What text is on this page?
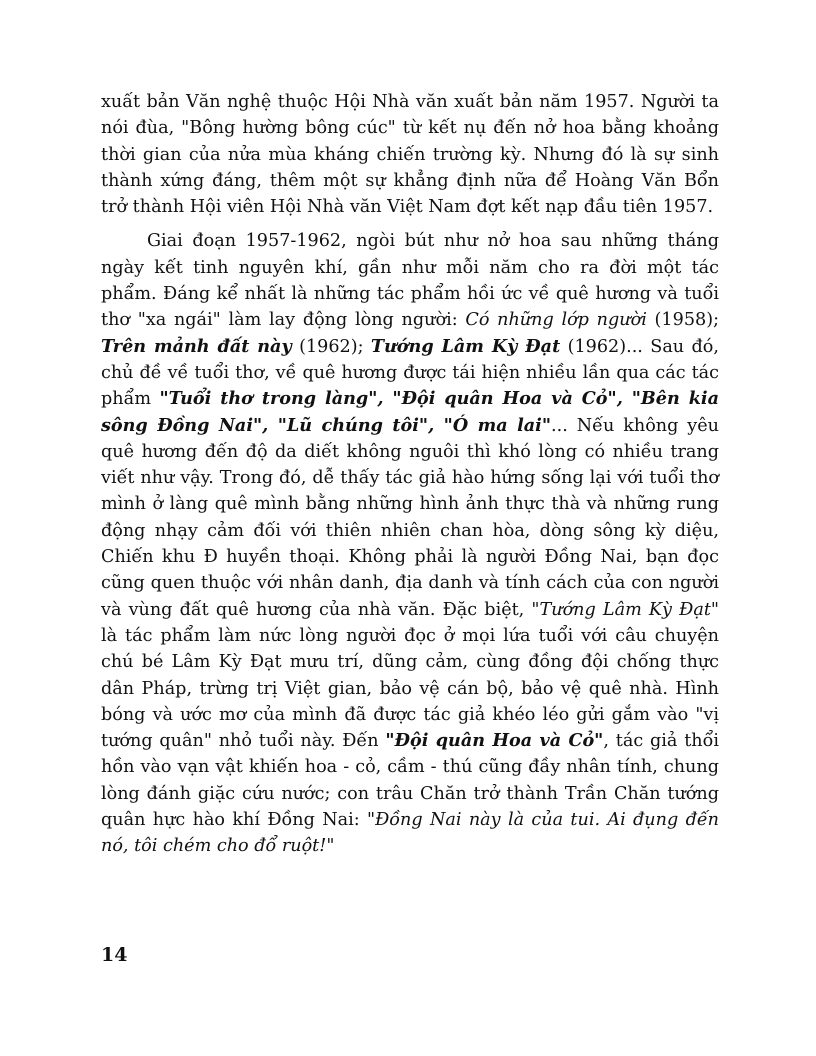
xuất bản Văn nghệ thuộc Hội Nhà văn xuất bản năm 1957. Người ta nói đùa, "Bông hường bông cúc" từ kết nụ đến nở hoa bằng khoảng thời gian của nửa mùa kháng chiến trường kỳ. Nhưng đó là sự sinh thành xứng đáng, thêm một sự khẳng định nữa để Hoàng Văn Bổn trở thành Hội viên Hội Nhà văn Việt Nam đợt kết nạp đầu tiên 1957.

Giai đoạn 1957-1962, ngòi bút như nở hoa sau những tháng ngày kết tinh nguyên khí, gần như mỗi năm cho ra đời một tác phẩm. Đáng kể nhất là những tác phẩm hồi ức về quê hương và tuổi thơ "xa ngái" làm lay động lòng người: Có những lớp người (1958); Trên mảnh đất này (1962); Tướng Lâm Kỳ Đạt (1962)... Sau đó, chủ đề về tuổi thơ, về quê hương được tái hiện nhiều lần qua các tác phẩm "Tuổi thơ trong làng", "Đội quân Hoa và Cỏ", "Bên kia sông Đồng Nai", "Lũ chúng tôi", "Ó ma lai"... Nếu không yêu quê hương đến độ da diết không nguôi thì khó lòng có nhiều trang viết như vậy. Trong đó, dễ thấy tác giả hào hứng sống lại với tuổi thơ mình ở làng quê mình bằng những hình ảnh thực thà và những rung động nhạy cảm đối với thiên nhiên chan hòa, dòng sông kỳ diệu, Chiến khu Đ huyền thoại. Không phải là người Đồng Nai, bạn đọc cũng quen thuộc với nhân danh, địa danh và tính cách của con người và vùng đất quê hương của nhà văn. Đặc biệt, "Tướng Lâm Kỳ Đạt" là tác phẩm làm nức lòng người đọc ở mọi lứa tuổi với câu chuyện chú bé Lâm Kỳ Đạt mưu trí, dũng cảm, cùng đồng đội chống thực dân Pháp, trừng trị Việt gian, bảo vệ cán bộ, bảo vệ quê nhà. Hình bóng và ước mơ của mình đã được tác giả khéo léo gửi gắm vào "vị tướng quân" nhỏ tuổi này. Đến "Đội quân Hoa và Cỏ", tác giả thổi hồn vào vạn vật khiến hoa - cỏ, cầm - thú cũng đầy nhân tính, chung lòng đánh giặc cứu nước; con trâu Chăn trở thành Trần Chăn tướng quân hực hào khí Đồng Nai: "Đồng Nai này là của tui. Ai đụng đến nó, tôi chém cho đổ ruột!"

14
